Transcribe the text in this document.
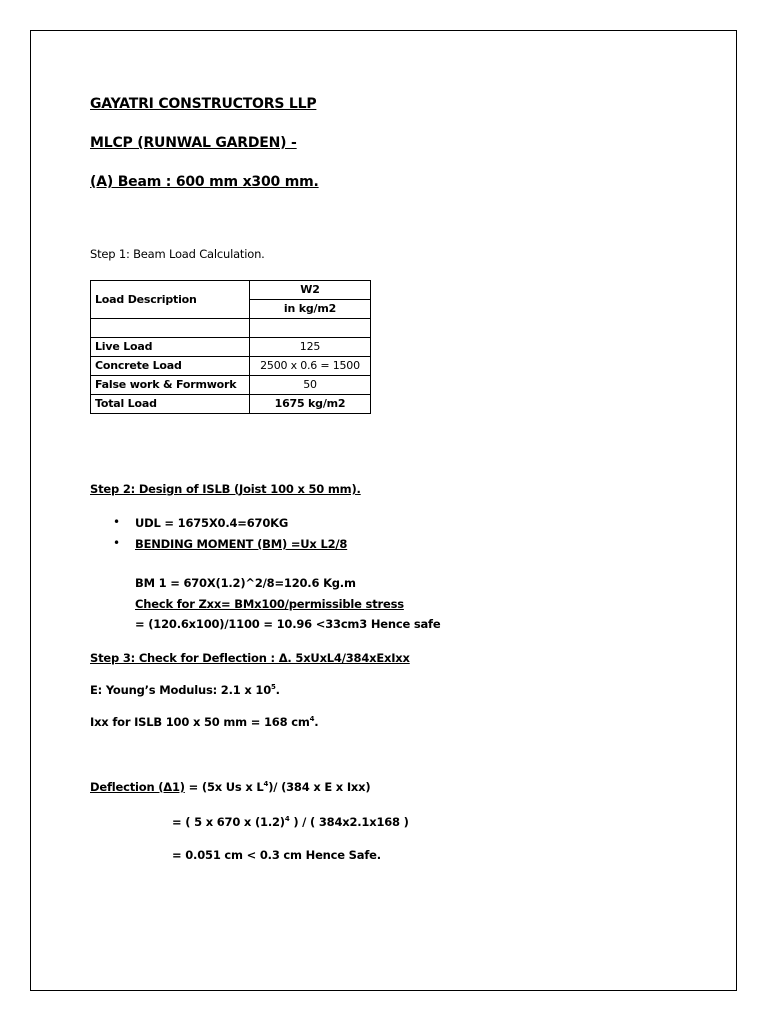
GAYATRI CONSTRUCTORS LLP
MLCP (RUNWAL GARDEN) -
(A) Beam : 600 mm x300 mm.
Step 1: Beam Load Calculation.
Load Description	W2
	in kg/m2

Live Load	125
Concrete Load	2500 x 0.6 = 1500
False work & Formwork	50
Total Load	1675 kg/m2
Step 2: Design of ISLB (Joist 100 x 50 mm).
• UDL = 1675X0.4=670KG
• BENDING MOMENT (BM) =Ux L2/8
BM 1 = 670X(1.2)^2/8=120.6 Kg.m
Check for Zxx= BMx100/permissible stress
= (120.6x100)/1100 = 10.96 <33cm3 Hence safe
Step 3: Check for Deflection : Δ. 5xUxL4/384xExIxx
E: Young’s Modulus: 2.1 x $10^5$.
Ixx for ISLB 100 x 50 mm = 168 $cm^4$.
Deflection (Δ1) = (5x Us x $L^4)/$ (384 x E x Ixx)
= ( 5 x 670 x $(1.2)^4$ ) / ( 384x2.1x168 )
= 0.051 cm < 0.3 cm Hence Safe.
